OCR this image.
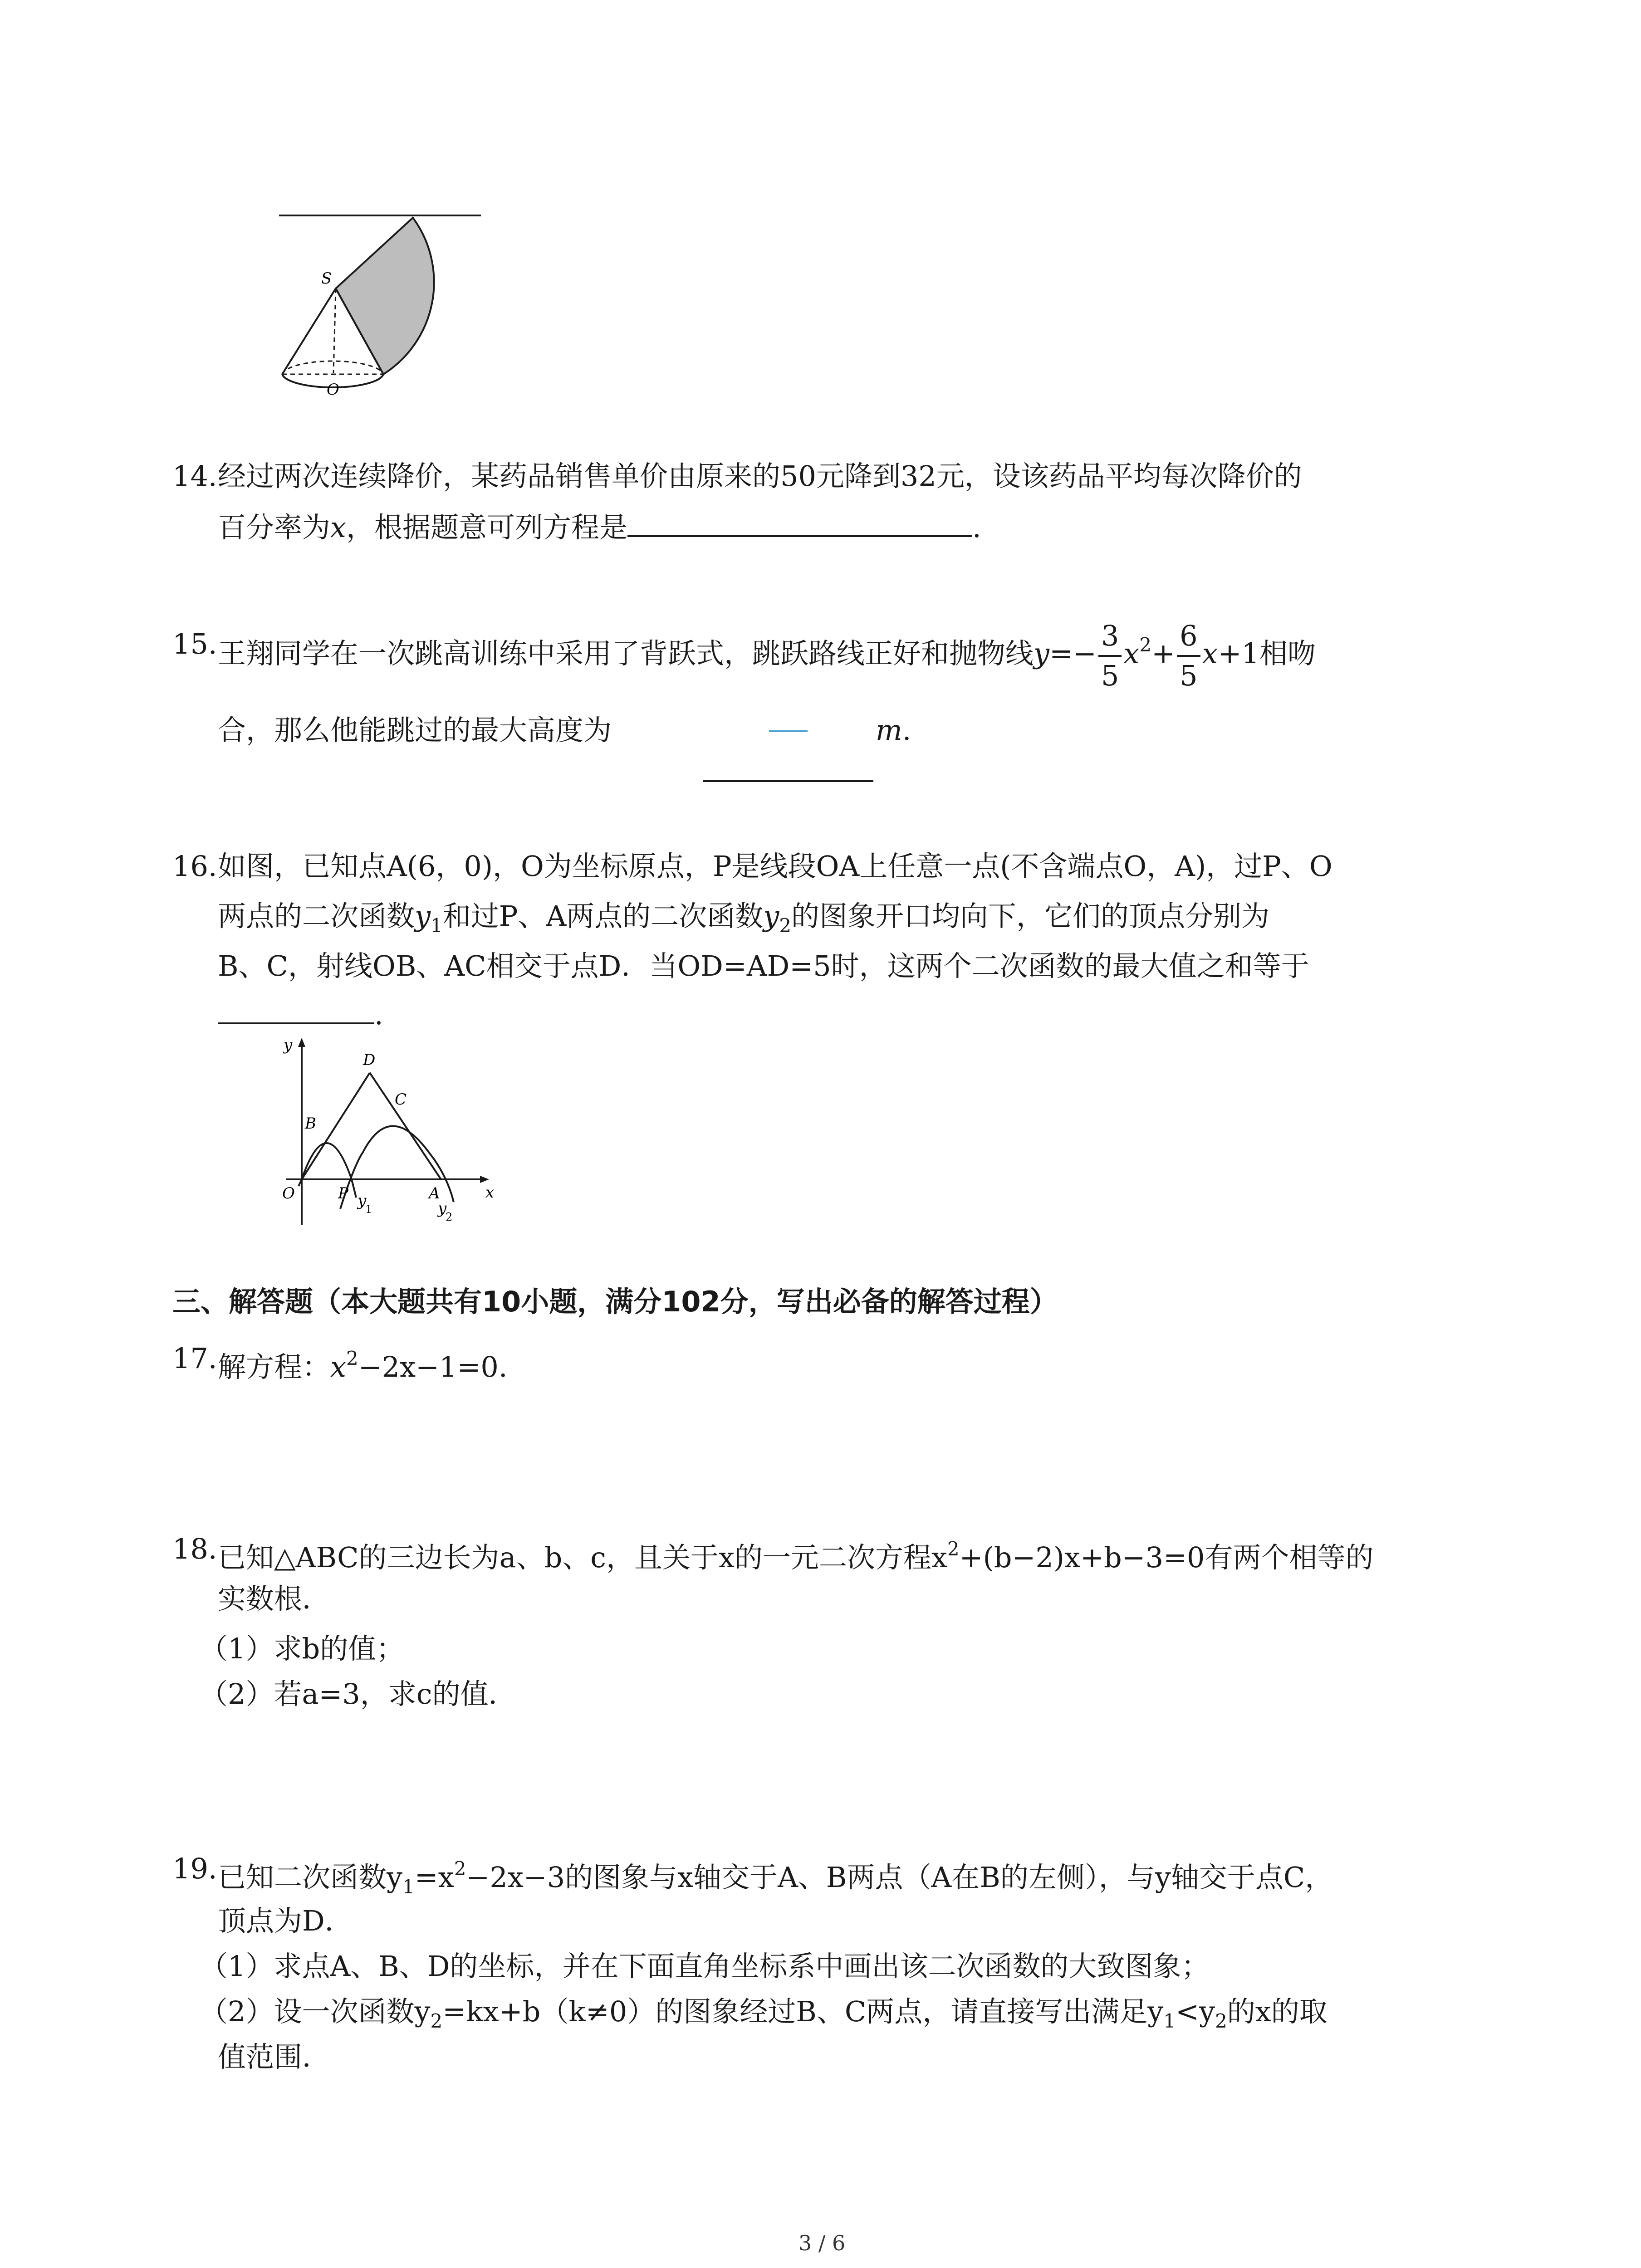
S
O
14. 经过两次连续降价，某药品销售单价由原来的50元降到32元，设该药品平均每次降价的
百分率为x，根据题意可列方程是	.
15. 王翔同学在一次跳高训练中采用了背跃式，跳跃路线正好和抛物线$y=- \frac{3}{5} x^2+ \frac{6}{5} x+1$相吻
合，那么他能跳过的最大高度为	m.
16. 如图，已知点A(6，0)，O为坐标原点，P是线段OA上任意一点(不含端点O，A)，过P、O
两点的二次函数$y_1$和过P、A两点的二次函数$y_2$的图象开口均向下，它们的顶点分别为
B、C，射线OB、AC相交于点D．当OD=AD=5时，这两个二次函数的最大值之和等于
.
y
x
O	P	A
B
C
D
y
1	y
2
三、解答题（本大题共有10小题，满分102分，写出必备的解答过程）
17. 解方程：$x^2-2x-1=0$.
18. 已知△ABC的三边长为a、b、c，且关于x的一元二次方程$x^2+(b-2)x+b-3=0$有两个相等的
实数根．
（1）求b的值；
（2）若a=3，求c的值．
19. 已知二次函数$y_1=x^2-2x-3$的图象与x轴交于A、B两点（A在B的左侧），与y轴交于点C，
顶点为D．
（1）求点A、B、D的坐标，并在下面直角坐标系中画出该二次函数的大致图象；
（2）设一次函数$y_2=kx+b(k\ne 0)$的图象经过B、C两点，请直接写出满足$y_1<y_2$的x的取
值范围．
3 / 6
